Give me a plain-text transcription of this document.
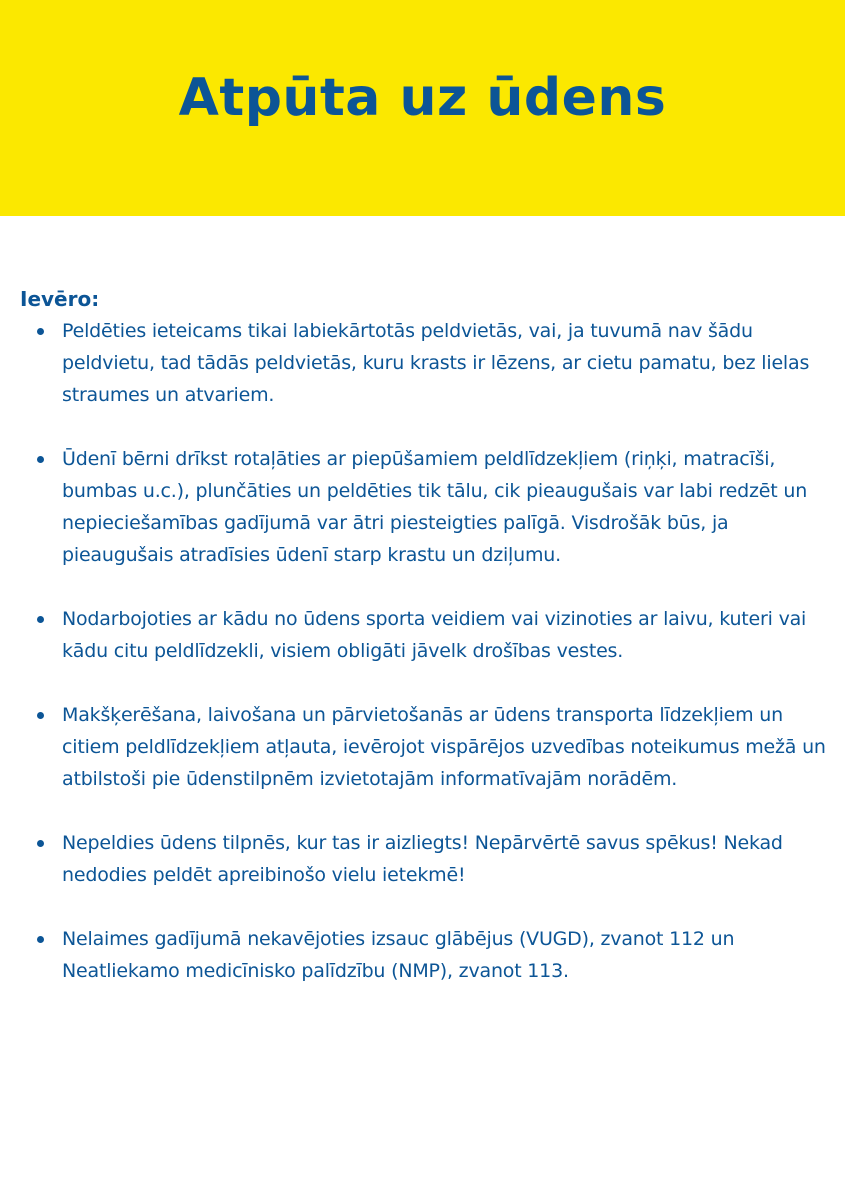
Atpūta uz ūdens

Ievēro:

Peldēties ieteicams tikai labiekārtotās peldvietās, vai, ja tuvumā nav šādu peldvietu, tad tādās peldvietās, kuru krasts ir lēzens, ar cietu pamatu, bez lielas straumes un atvariem.
Ūdenī bērni drīkst rotaļāties ar piepūšamiem peldlīdzekļiem (riņķi, matracīši, bumbas u.c.), plunčāties un peldēties tik tālu, cik pieaugušais var labi redzēt un nepieciešamības gadījumā var ātri piesteigties palīgā. Visdrošāk būs, ja pieaugušais atradīsies ūdenī starp krastu un dziļumu.
Nodarbojoties ar kādu no ūdens sporta veidiem vai vizinoties ar laivu, kuteri vai kādu citu peldlīdzekli, visiem obligāti jāvelk drošības vestes.
Makšķerēšana, laivošana un pārvietošanās ar ūdens transporta līdzekļiem un citiem peldlīdzekļiem atļauta, ievērojot vispārējos uzvedības noteikumus mežā un atbilstoši pie ūdenstilpnēm izvietotajām informatīvajām norādēm.
Nepeldies ūdens tilpnēs, kur tas ir aizliegts! Nepārvērtē savus spēkus! Nekad nedodies peldēt apreibinošo vielu ietekmē!
Nelaimes gadījumā nekavējoties izsauc glābējus (VUGD), zvanot 112 un Neatliekamo medicīnisko palīdzību (NMP), zvanot 113.
